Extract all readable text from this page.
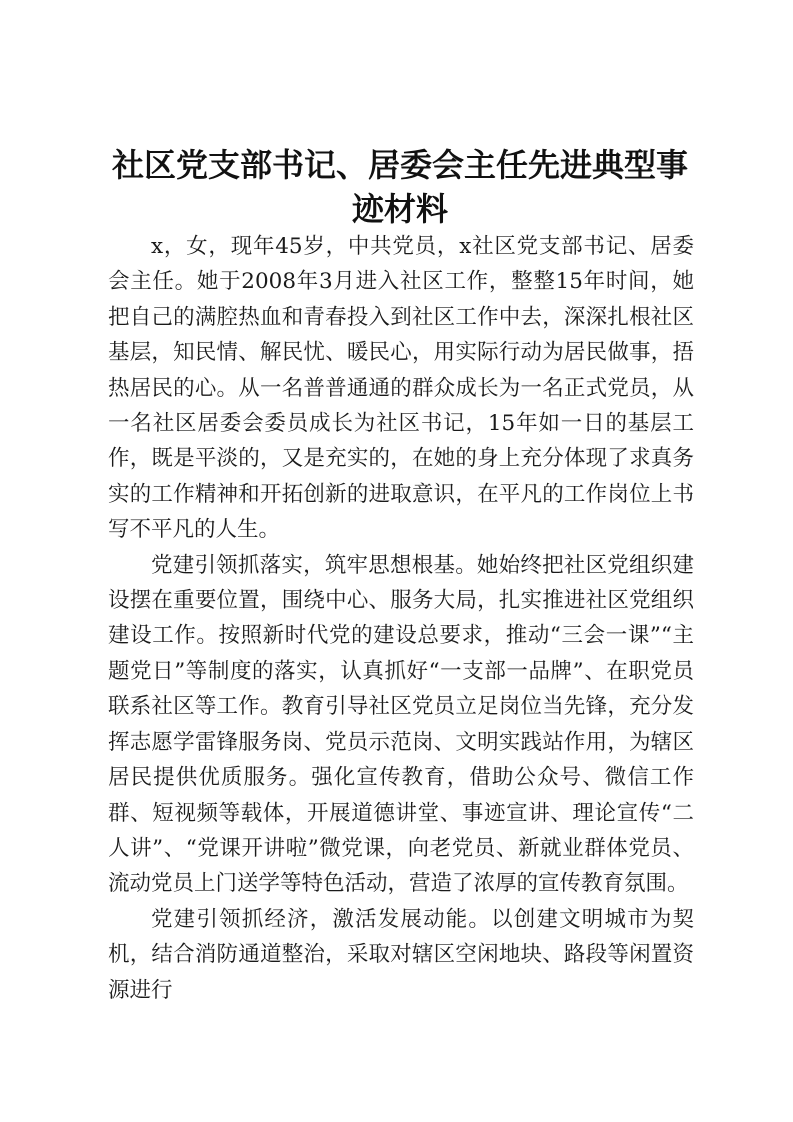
社区党支部书记、居委会主任先进典型事迹材料

x，女，现年45岁，中共党员，x社区党支部书记、居委会主任。她于2008年3月进入社区工作，整整15年时间，她把自己的满腔热血和青春投入到社区工作中去，深深扎根社区基层，知民情、解民忧、暖民心，用实际行动为居民做事，捂热居民的心。从一名普普通通的群众成长为一名正式党员，从一名社区居委会委员成长为社区书记，15年如一日的基层工作，既是平淡的，又是充实的，在她的身上充分体现了求真务实的工作精神和开拓创新的进取意识，在平凡的工作岗位上书写不平凡的人生。

党建引领抓落实，筑牢思想根基。她始终把社区党组织建设摆在重要位置，围绕中心、服务大局，扎实推进社区党组织建设工作。按照新时代党的建设总要求，推动“三会一课”“主题党日”等制度的落实，认真抓好“一支部一品牌”、在职党员联系社区等工作。教育引导社区党员立足岗位当先锋，充分发挥志愿学雷锋服务岗、党员示范岗、文明实践站作用，为辖区居民提供优质服务。强化宣传教育，借助公众号、微信工作群、短视频等载体，开展道德讲堂、事迹宣讲、理论宣传“二人讲”、“党课开讲啦”微党课，向老党员、新就业群体党员、流动党员上门送学等特色活动，营造了浓厚的宣传教育氛围。

党建引领抓经济，激活发展动能。以创建文明城市为契机，结合消防通道整治，采取对辖区空闲地块、路段等闲置资源进行
